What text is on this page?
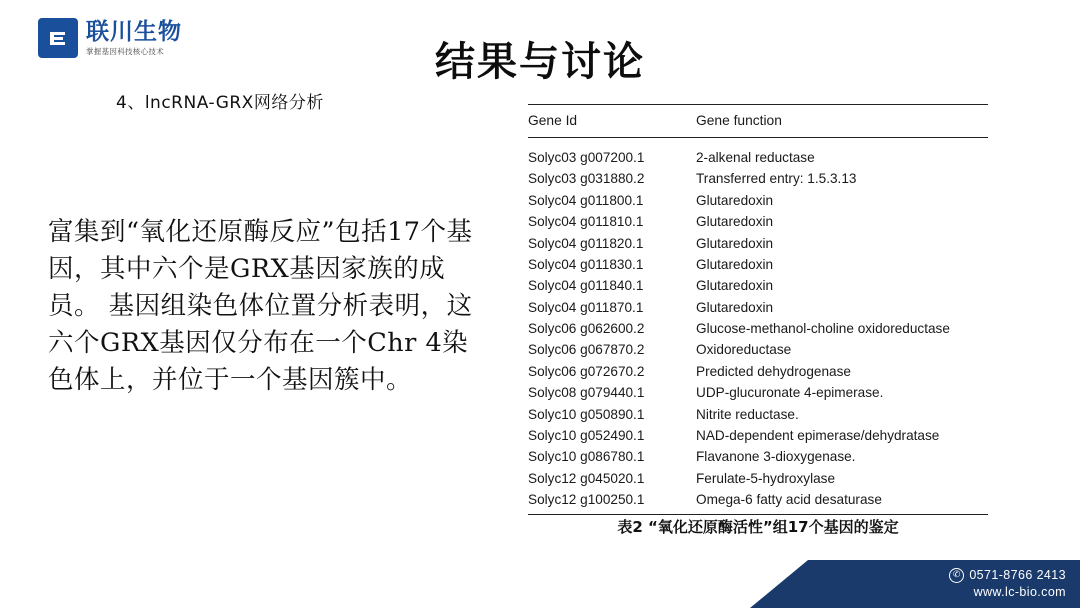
联川生物
掌握基因科技核心技术	结果与讨论
4、lncRNA-GRX网络分析
富集到“氧化还原酶反应”包括17个基因，其中六个是GRX基因家族的成员。 基因组染色体位置分析表明，这六个GRX基因仅分布在一个Chr 4染色体上，并位于一个基因簇中。
Gene Id	Gene function
Solyc03 g007200.1	2-alkenal reductase
Solyc03 g031880.2	Transferred entry: 1.5.3.13
Solyc04 g011800.1	Glutaredoxin
Solyc04 g011810.1	Glutaredoxin
Solyc04 g011820.1	Glutaredoxin
Solyc04 g011830.1	Glutaredoxin
Solyc04 g011840.1	Glutaredoxin
Solyc04 g011870.1	Glutaredoxin
Solyc06 g062600.2	Glucose-methanol-choline oxidoreductase
Solyc06 g067870.2	Oxidoreductase
Solyc06 g072670.2	Predicted dehydrogenase
Solyc08 g079440.1	UDP-glucuronate 4-epimerase.
Solyc10 g050890.1	Nitrite reductase.
Solyc10 g052490.1	NAD-dependent epimerase/dehydratase
Solyc10 g086780.1	Flavanone 3-dioxygenase.
Solyc12 g045020.1	Ferulate-5-hydroxylase
Solyc12 g100250.1	Omega-6 fatty acid desaturase
表2 “氧化还原酶活性”组17个基因的鉴定
✆ 0571-8766 2413
www.lc-bio.com
